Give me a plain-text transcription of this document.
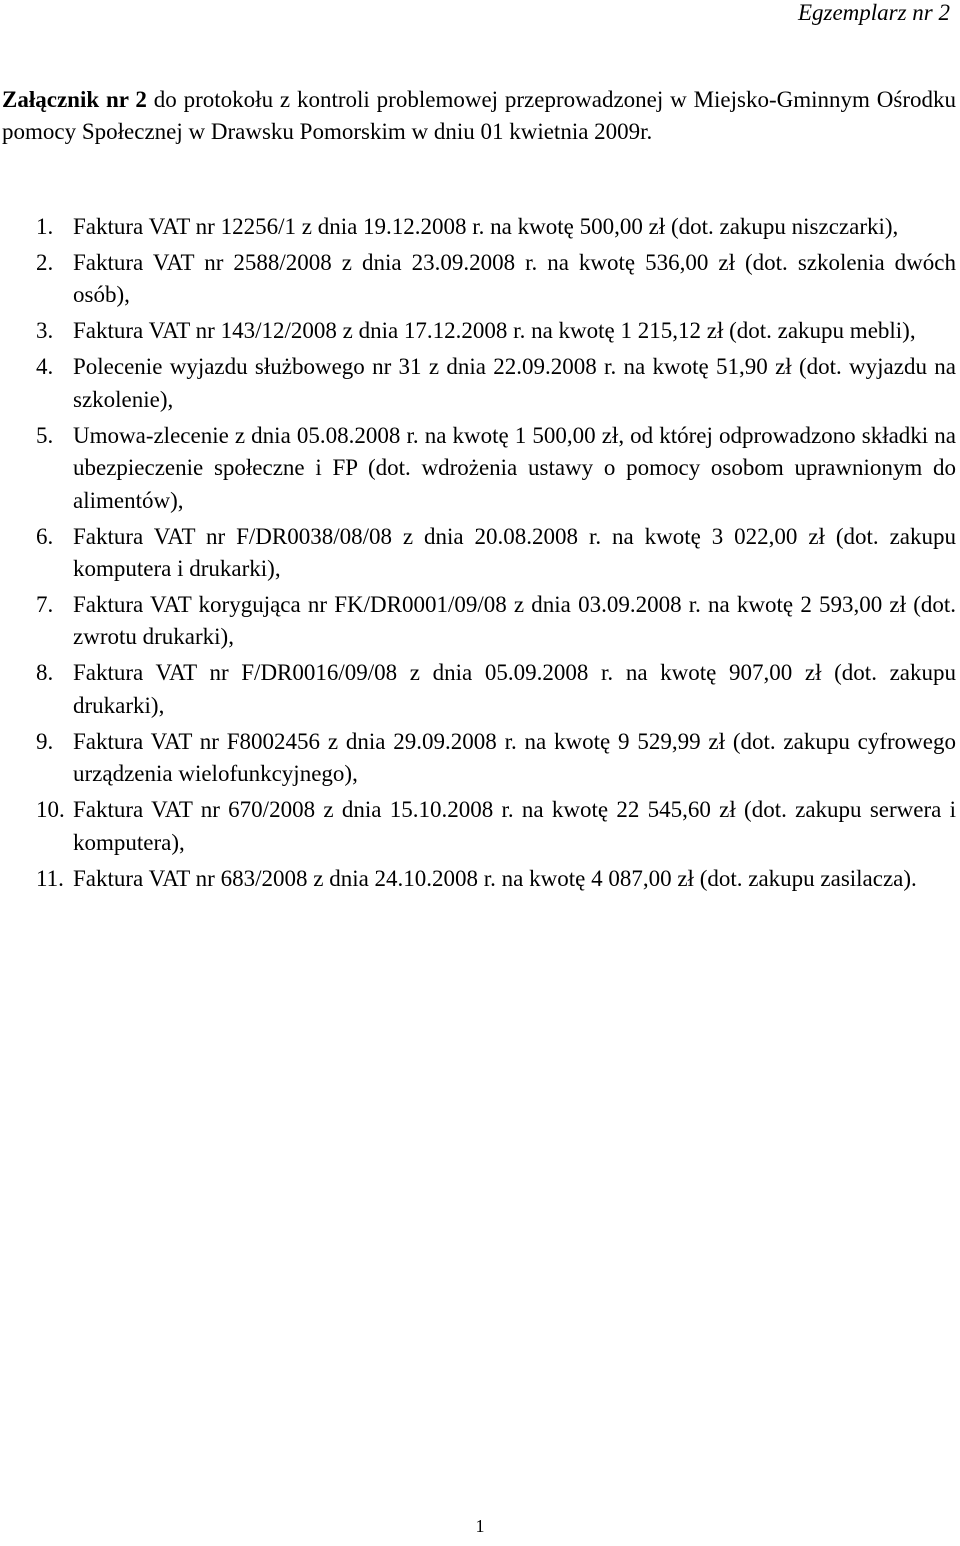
Egzemplarz nr 2

Załącznik nr 2 do protokołu z kontroli problemowej przeprowadzonej w Miejsko-Gminnym Ośrodku pomocy Społecznej w Drawsku Pomorskim w dniu 01 kwietnia 2009r.

1. Faktura VAT nr 12256/1 z dnia 19.12.2008 r. na kwotę 500,00 zł (dot. zakupu niszczarki),
2. Faktura VAT nr 2588/2008 z dnia 23.09.2008 r. na kwotę 536,00 zł (dot. szkolenia dwóch osób),
3. Faktura VAT nr 143/12/2008 z dnia 17.12.2008 r. na kwotę 1 215,12 zł (dot. zakupu mebli),
4. Polecenie wyjazdu służbowego nr 31 z dnia 22.09.2008 r. na kwotę 51,90 zł (dot. wyjazdu na szkolenie),
5. Umowa-zlecenie z dnia 05.08.2008 r. na kwotę 1 500,00 zł, od której odprowadzono składki na ubezpieczenie społeczne i FP (dot. wdrożenia ustawy o pomocy osobom uprawnionym do alimentów),
6. Faktura VAT nr F/DR0038/08/08 z dnia 20.08.2008 r. na kwotę 3 022,00 zł (dot. zakupu komputera i drukarki),
7. Faktura VAT korygująca nr FK/DR0001/09/08 z dnia 03.09.2008 r. na kwotę 2 593,00 zł (dot. zwrotu drukarki),
8. Faktura VAT nr F/DR0016/09/08 z dnia 05.09.2008 r. na kwotę 907,00 zł (dot. zakupu drukarki),
9. Faktura VAT nr F8002456 z dnia 29.09.2008 r. na kwotę 9 529,99 zł (dot. zakupu cyfrowego urządzenia wielofunkcyjnego),
10. Faktura VAT nr 670/2008 z dnia 15.10.2008 r. na kwotę 22 545,60 zł (dot. zakupu serwera i komputera),
11. Faktura VAT nr 683/2008 z dnia 24.10.2008 r. na kwotę 4 087,00 zł (dot. zakupu zasilacza).
1
